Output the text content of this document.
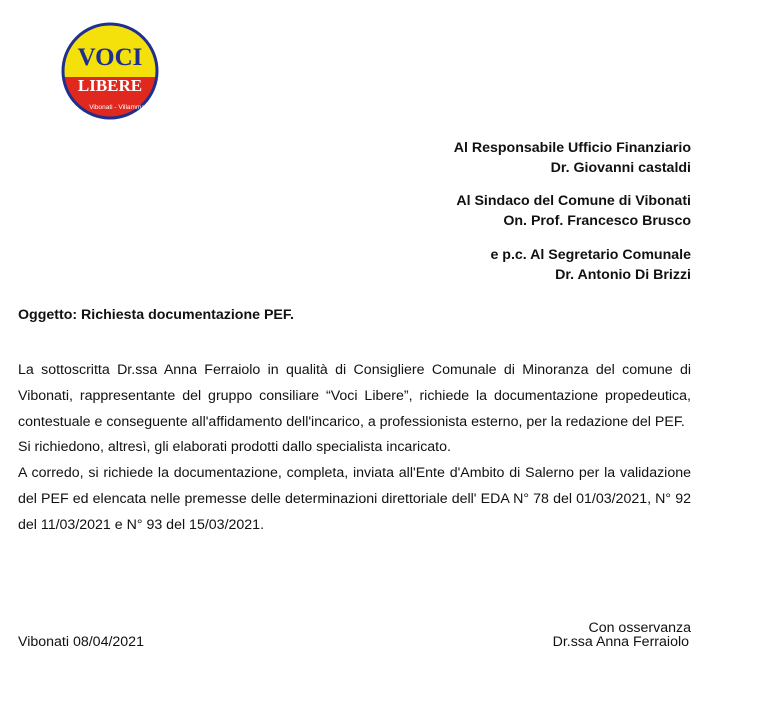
VOCI
LIBERE
Vibonati - Villammare
Al Responsabile Ufficio Finanziario
Dr. Giovanni castaldi
Al Sindaco del Comune di Vibonati
On. Prof. Francesco Brusco
e p.c. Al Segretario Comunale
Dr. Antonio Di Brizzi
Oggetto: Richiesta documentazione PEF.

La sottoscritta Dr.ssa Anna Ferraiolo in qualità di Consigliere Comunale di Minoranza del comune di Vibonati, rappresentante del gruppo consiliare “Voci Libere”, richiede la documentazione propedeutica, contestuale e conseguente all'affidamento dell'incarico, a professionista esterno, per la redazione del PEF.

Si richiedono, altresì, gli elaborati prodotti dallo specialista incaricato.

A corredo, si richiede la documentazione, completa, inviata all'Ente d'Ambito di Salerno per la validazione del PEF ed elencata nelle premesse delle determinazioni direttoriale dell' EDA N° 78 del 01/03/2021, N° 92 del 11/03/2021 e N° 93 del 15/03/2021.

Con osservanza
Dr.ssa Anna Ferraiolo
Vibonati 08/04/2021
